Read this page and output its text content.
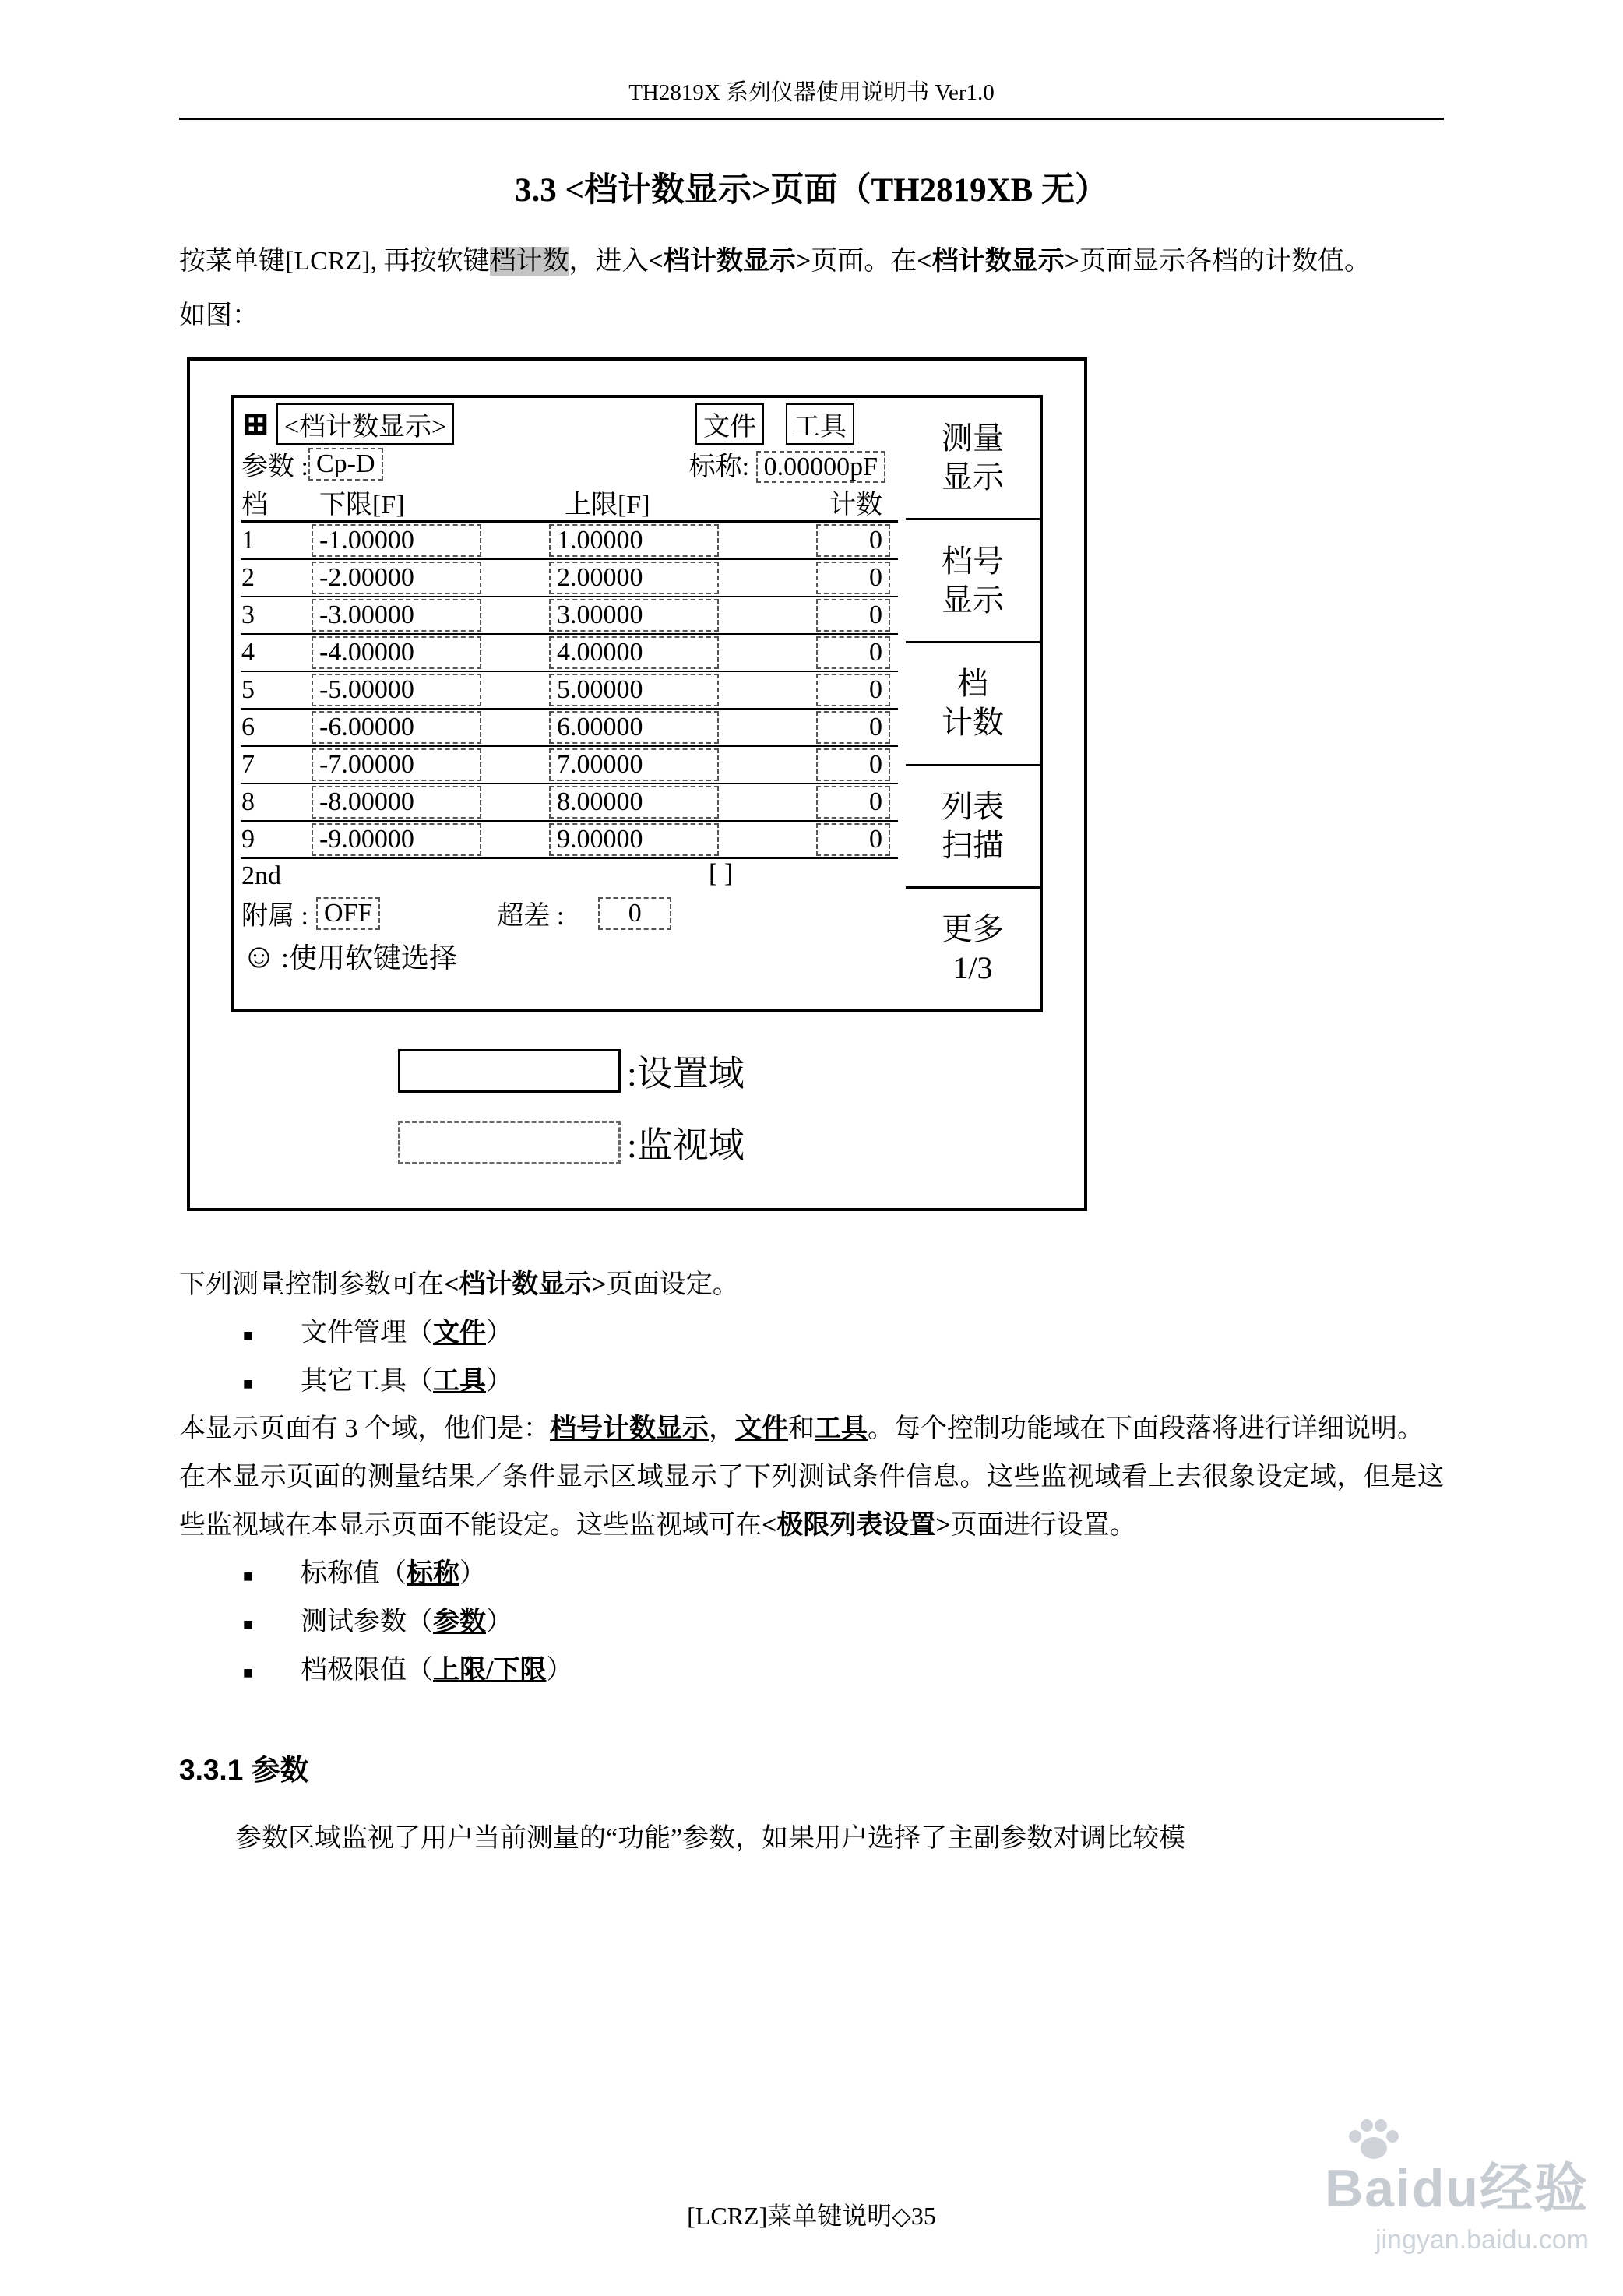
TH2819X 系列仪器使用说明书 Ver1.0
3.3 <档计数显示>页面（TH2819XB 无）

按菜单键[LCRZ], 再按软键档计数，进入<档计数显示>页面。在<档计数显示>页面显示各档的计数值。

如图：

⊞ <档计数显示>	文件 工具
参数 : Cp-D	标称: 0.00000pF
档	下限[F]	上限[F]	计数
1	-1.00000	1.00000	0
2	-2.00000	2.00000	0
3	-3.00000	3.00000	0
4	-4.00000	4.00000	0
5	-5.00000	5.00000	0
6	-6.00000	6.00000	0
7	-7.00000	7.00000	0
8	-8.00000	8.00000	0
9	-9.00000	9.00000	0
2nd	[ ]
附属 : OFF	超差 :	0
☺ :使用软键选择
测量
显示
档号
显示
档
计数
列表
扫描
更多
1/3
:设置域
:监视域

下列测量控制参数可在<档计数显示>页面设定。

■	文件管理（文件）
■	其它工具（工具）

本显示页面有 3 个域，他们是：档号计数显示，文件和工具。每个控制功能域在下面段落将进行详细说明。

在本显示页面的测量结果／条件显示区域显示了下列测试条件信息。这些监视域看上去很象设定域，但是这些监视域在本显示页面不能设定。这些监视域可在<极限列表设置>页面进行设置。

■	标称值（标称）
■	测试参数（参数）
■	档极限值（上限/下限）
3.3.1 参数

参数区域监视了用户当前测量的“功能”参数，如果用户选择了主副参数对调比较模

[LCRZ]菜单键说明◇35	Baidu经验
jingyan.baidu.com
